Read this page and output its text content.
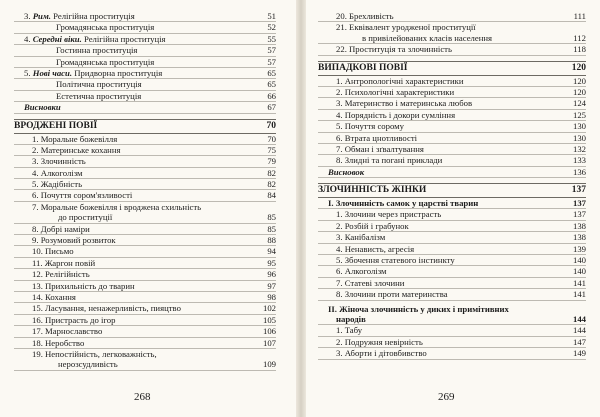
3. Рим. Релігійна проституція	51
Громадянська проституція	52
4. Середні віки. Релігійна проституція	55
Гостинна проституція	57
Громадянська проституція	57
5. Нові часи. Придворна проституція	65
Політична проституція	65
Естетична проституція	66
Висновки	67
ВРОДЖЕНІ ПОВІЇ	70
1. Моральне божевілля	70
2. Материнське кохання	75
3. Злочинність	79
4. Алкоголізм	82
5. Жадібність	82
6. Почуття сором'язливості	84
7. Моральне божевілля і вроджена схильність
до проституції	85
8. Добрі наміри	85
9. Розумовий розвиток	88
10. Письмо	94
11. Жаргон повій	95
12. Релігійність	96
13. Прихильність до тварин	97
14. Кохання	98
15. Ласування, ненажерливість, пияцтво	102
16. Пристрасть до ігор	105
17. Марнославство	106
18. Неробство	107
19. Непостійність, легковажність,
нерозсудливість	109
268
20. Брехливість	111
21. Еквівалент уродженої проституції
в привілейованих класів населення	112
22. Проституція та злочинність	118
ВИПАДКОВІ ПОВІЇ	120
1. Антропологічні характеристики	120
2. Психологічні характеристики	120
3. Материнство і материнська любов	124
4. Порядність і докори сумління	125
5. Почуття сорому	130
6. Втрата цнотливості	130
7. Обман і зґвалтування	132
8. Злидні та погані приклади	133
Висновок	136
ЗЛОЧИННІСТЬ ЖІНКИ	137
I. Злочинність самок у царстві тварин	137
1. Злочини через пристрасть	137
2. Розбій і грабунок	138
3. Канібалізм	138
4. Ненависть, агресія	139
5. Збочення статевого інстинкту	140
6. Алкоголізм	140
7. Статеві злочини	141
8. Злочини проти материнства	141
II. Жіноча злочинність у диких і примітивних
народів	144
1. Табу	144
2. Подружня невірність	147
3. Аборти і дітовбивство	149
269
